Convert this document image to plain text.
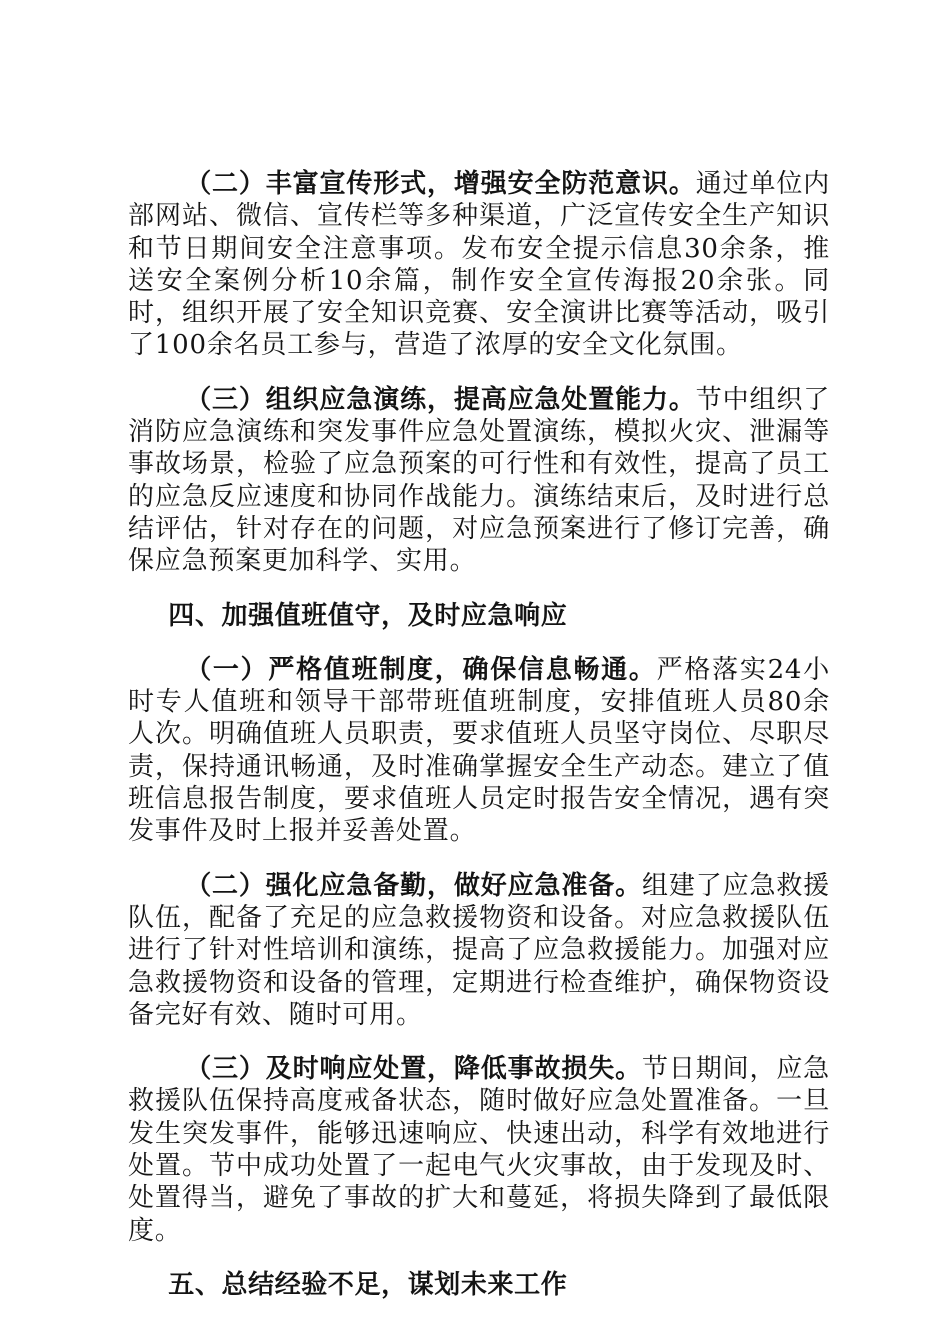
（二）丰富宣传形式，增强安全防范意识。通过单位内部网站、微信、宣传栏等多种渠道，广泛宣传安全生产知识和节日期间安全注意事项。发布安全提示信息30余条，推送安全案例分析10余篇，制作安全宣传海报20余张。同时，组织开展了安全知识竞赛、安全演讲比赛等活动，吸引了100余名员工参与，营造了浓厚的安全文化氛围。

（三）组织应急演练，提高应急处置能力。节中组织了消防应急演练和突发事件应急处置演练，模拟火灾、泄漏等事故场景，检验了应急预案的可行性和有效性，提高了员工的应急反应速度和协同作战能力。演练结束后，及时进行总结评估，针对存在的问题，对应急预案进行了修订完善，确保应急预案更加科学、实用。

四、加强值班值守，及时应急响应

（一）严格值班制度，确保信息畅通。严格落实24小时专人值班和领导干部带班值班制度，安排值班人员80余人次。明确值班人员职责，要求值班人员坚守岗位、尽职尽责，保持通讯畅通，及时准确掌握安全生产动态。建立了值班信息报告制度，要求值班人员定时报告安全情况，遇有突发事件及时上报并妥善处置。

（二）强化应急备勤，做好应急准备。组建了应急救援队伍，配备了充足的应急救援物资和设备。对应急救援队伍进行了针对性培训和演练，提高了应急救援能力。加强对应急救援物资和设备的管理，定期进行检查维护，确保物资设备完好有效、随时可用。

（三）及时响应处置，降低事故损失。节日期间，应急救援队伍保持高度戒备状态，随时做好应急处置准备。一旦发生突发事件，能够迅速响应、快速出动，科学有效地进行处置。节中成功处置了一起电气火灾事故，由于发现及时、处置得当，避免了事故的扩大和蔓延，将损失降到了最低限度。

五、总结经验不足，谋划未来工作
